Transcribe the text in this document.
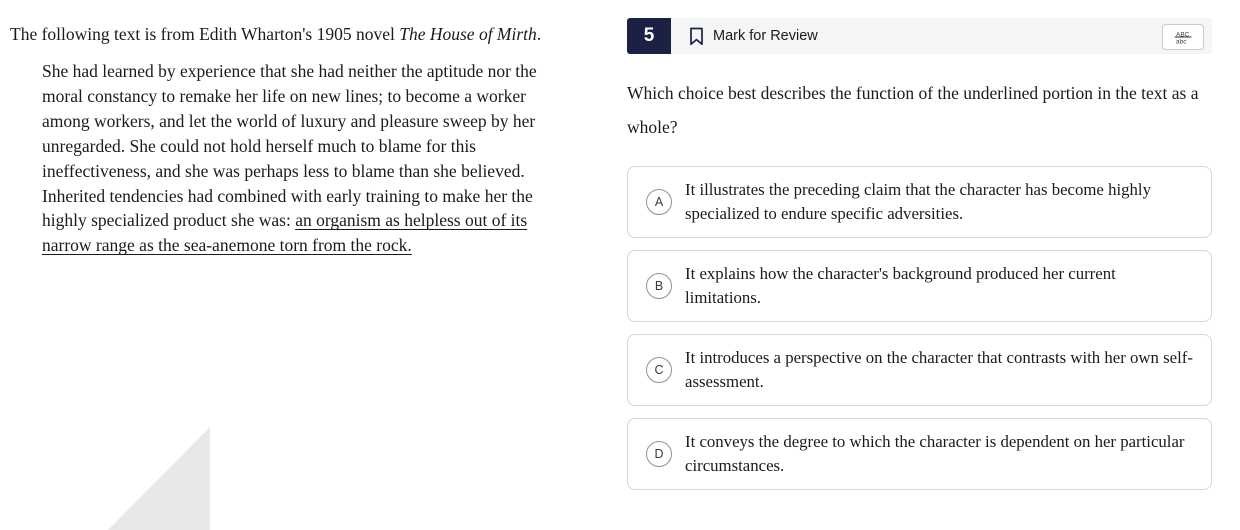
The following text is from Edith Wharton's 1905 novel The House of Mirth.

She had learned by experience that she had neither the aptitude nor the moral constancy to remake her life on new lines; to become a worker among workers, and let the world of luxury and pleasure sweep by her unregarded. She could not hold herself much to blame for this ineffectiveness, and she was perhaps less to blame than she believed. Inherited tendencies had combined with early training to make her the highly specialized product she was: an organism as helpless out of its narrow range as the sea-anemone torn from the rock.

5	Mark for Review	ABC
abc

Which choice best describes the function of the underlined portion in the text as a whole?

A
It illustrates the preceding claim that the character has become highly specialized to endure specific adversities.
B
It explains how the character's background produced her current limitations.
C
It introduces a perspective on the character that contrasts with her own self-assessment.
D
It conveys the degree to which the character is dependent on her particular circumstances.
